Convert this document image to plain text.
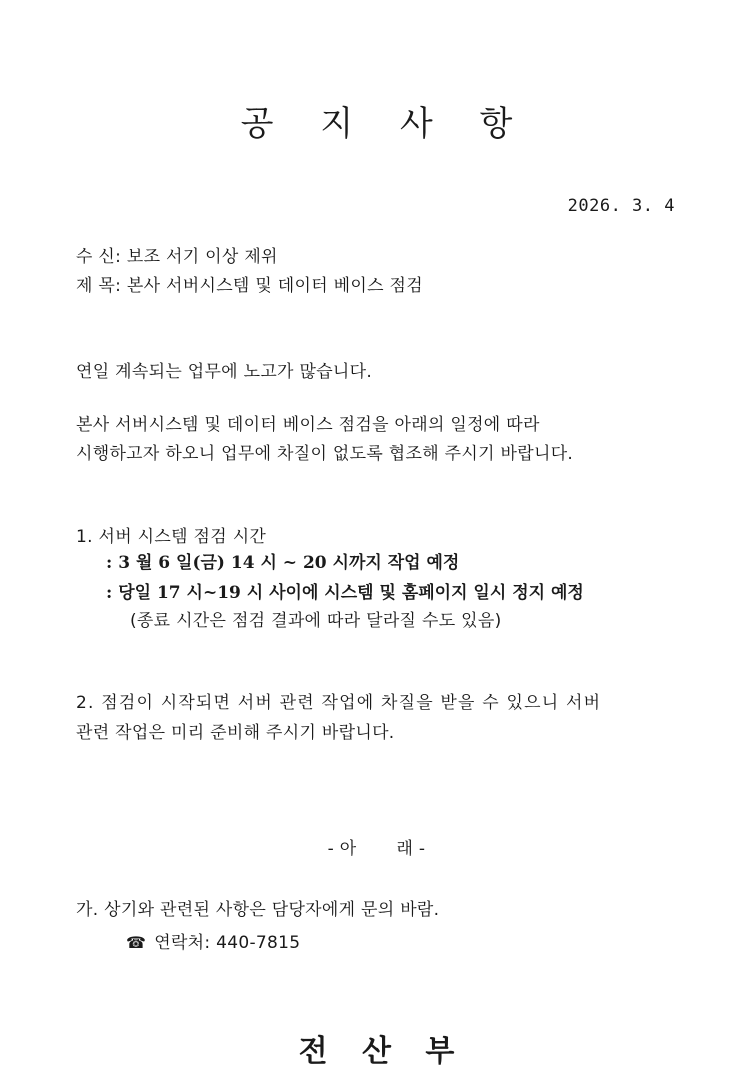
공 지 사 항
2026. 3. 4
수 신: 보조 서기 이상 제위
제 목: 본사 서버시스템 및 데이터 베이스 점검
연일 계속되는 업무에 노고가 많습니다.
본사 서버시스템 및 데이터 베이스 점검을 아래의 일정에 따라
시행하고자 하오니 업무에 차질이 없도록 협조해 주시기 바랍니다.
1. 서버 시스템 점검 시간
: 3 월 6 일(금) 14 시 ~ 20 시까지 작업 예정
: 당일 17 시~19 시 사이에 시스템 및 홈페이지 일시 정지 예정
(종료 시간은 점검 결과에 따라 달라질 수도 있음)
2. 점검이 시작되면 서버 관련 작업에 차질을 받을 수 있으니 서버
관련 작업은 미리 준비해 주시기 바랍니다.
- 아       래 -
가. 상기와 관련된 사항은 담당자에게 문의 바람.
☎ 연락처: 440-7815
전 산 부
